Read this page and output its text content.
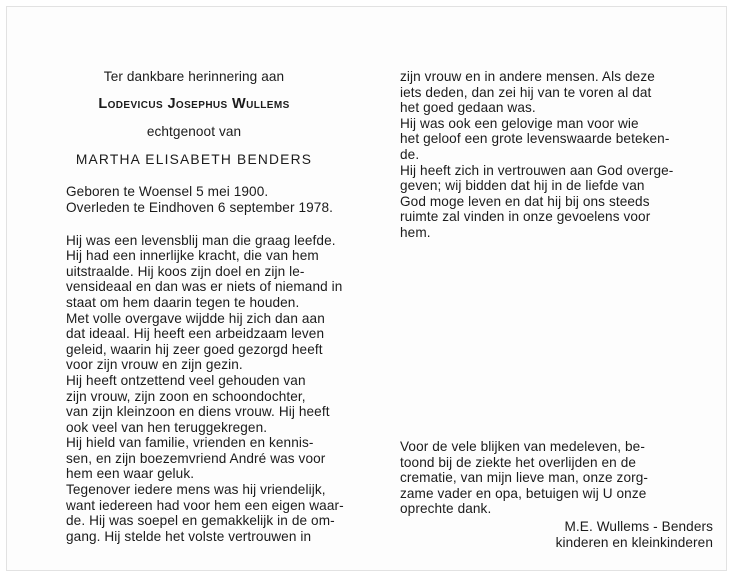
Ter dankbare herinnering aan
Lodevicus Josephus Wullems
echtgenoot van
MARTHA ELISABETH BENDERS
Geboren te Woensel 5 mei 1900.
Overleden te Eindhoven 6 september 1978.
Hij was een levensblij man die graag leefde.
Hij had een innerlijke kracht, die van hem
uitstraalde. Hij koos zijn doel en zijn le-
vensideaal en dan was er niets of niemand in
staat om hem daarin tegen te houden.
Met volle overgave wijdde hij zich dan aan
dat ideaal. Hij heeft een arbeidzaam leven
geleid, waarin hij zeer goed gezorgd heeft
voor zijn vrouw en zijn gezin.
Hij heeft ontzettend veel gehouden van
zijn vrouw, zijn zoon en schoondochter,
van zijn kleinzoon en diens vrouw. Hij heeft
ook veel van hen teruggekregen.
Hij hield van familie, vrienden en kennis-
sen, en zijn boezemvriend André was voor
hem een waar geluk.
Tegenover iedere mens was hij vriendelijk,
want iedereen had voor hem een eigen waar-
de. Hij was soepel en gemakkelijk in de om-
gang. Hij stelde het volste vertrouwen in
zijn vrouw en in andere mensen. Als deze
iets deden, dan zei hij van te voren al dat
het goed gedaan was.
Hij was ook een gelovige man voor wie
het geloof een grote levenswaarde beteken-
de.
Hij heeft zich in vertrouwen aan God overge-
geven; wij bidden dat hij in de liefde van
God moge leven en dat hij bij ons steeds
ruimte zal vinden in onze gevoelens voor
hem.
Voor de vele blijken van medeleven, be-
toond bij de ziekte het overlijden en de
crematie, van mijn lieve man, onze zorg-
zame vader en opa, betuigen wij U onze
oprechte dank.
M.E. Wullems - Benders
kinderen en kleinkinderen
